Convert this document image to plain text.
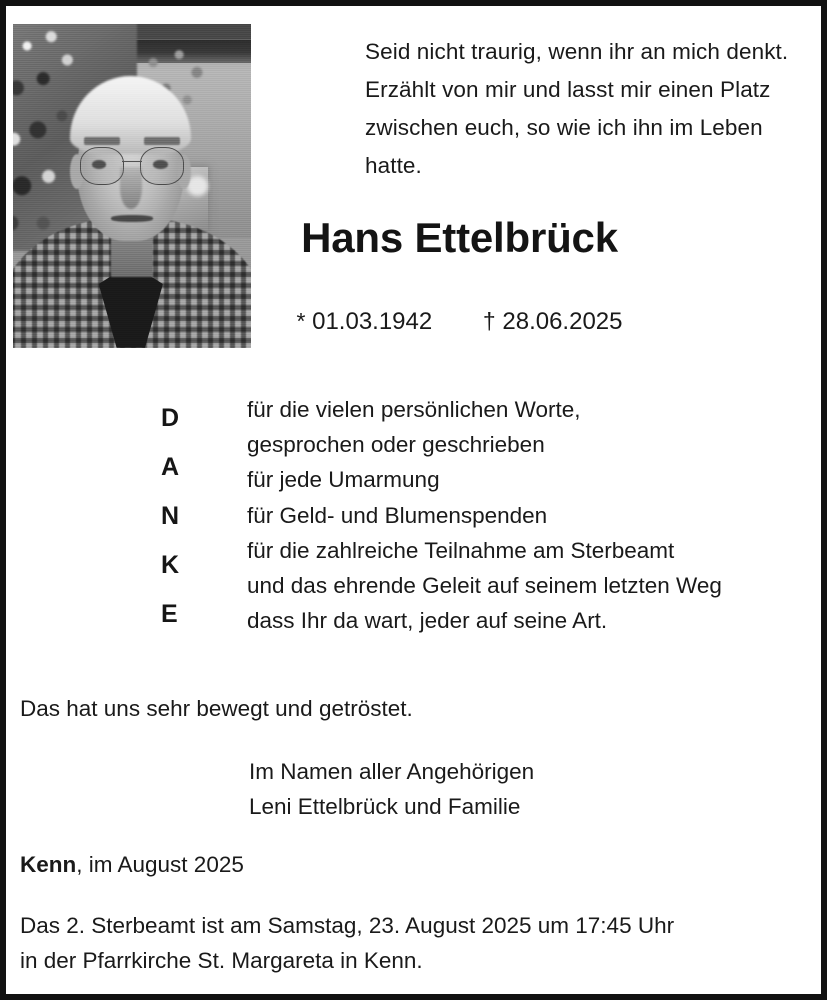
Seid nicht traurig, wenn ihr an mich denkt. Erzählt von mir und lasst mir einen Platz zwischen euch, so wie ich ihn im Leben hatte.
Hans Ettelbrück
* 01.03.1942 † 28.06.2025
D
A
N
K
E
für die vielen persönlichen Worte,
gesprochen oder geschrieben
für jede Umarmung
für Geld- und Blumenspenden
für die zahlreiche Teilnahme am Sterbeamt
und das ehrende Geleit auf seinem letzten Weg
dass Ihr da wart, jeder auf seine Art.
Das hat uns sehr bewegt und getröstet.
Im Namen aller Angehörigen
Leni Ettelbrück und Familie
Kenn, im August 2025
Das 2. Sterbeamt ist am Samstag, 23. August 2025 um 17:45 Uhr
in der Pfarrkirche St. Margareta in Kenn.
